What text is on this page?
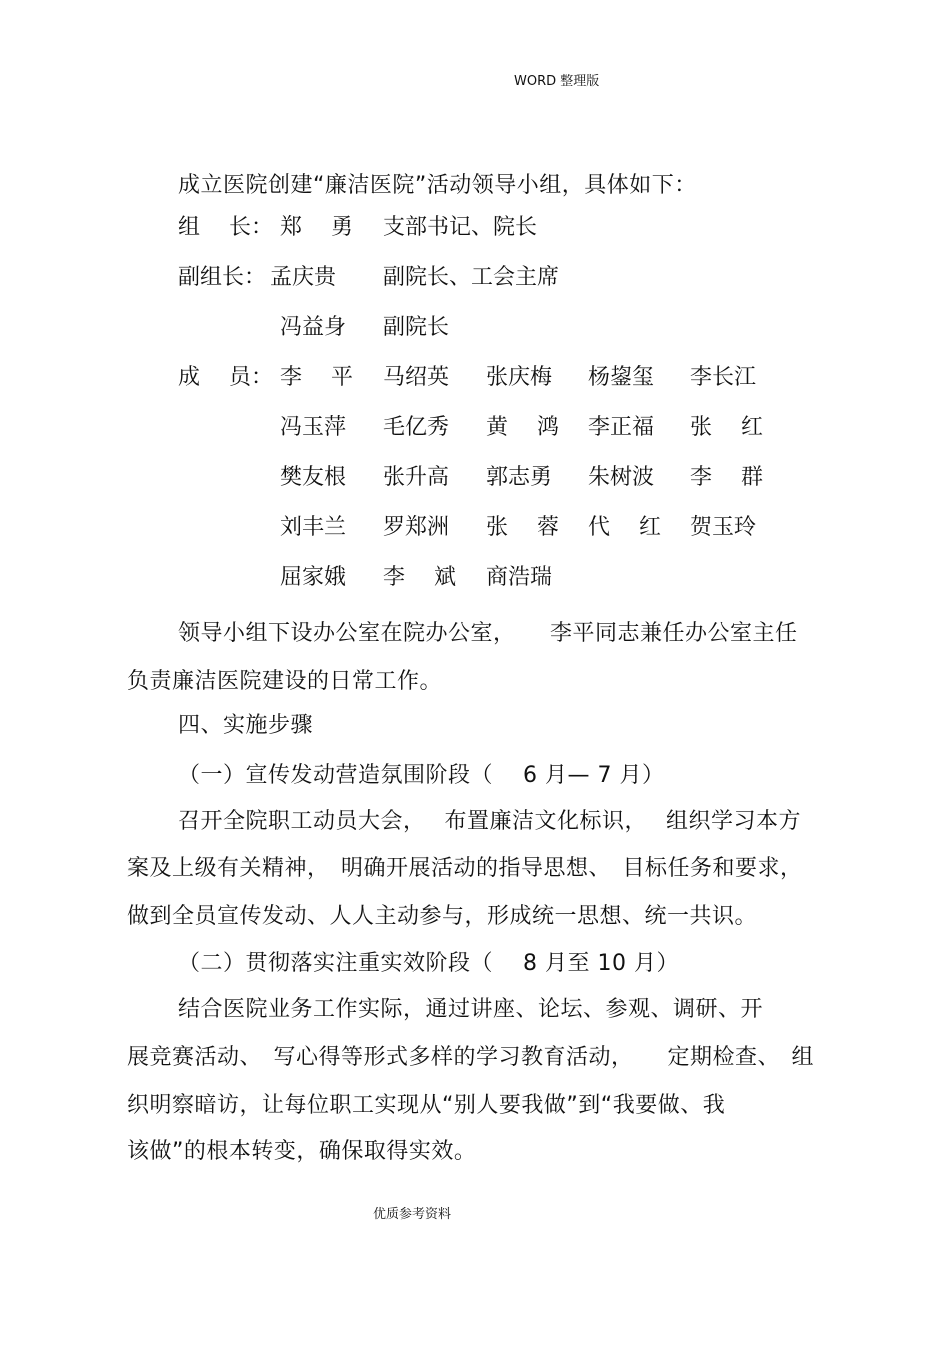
WORD 整理版
成立医院创建“廉洁医院”活动领导小组，具体如下：
组　 长： 郑　 勇 支部书记、院长
副组长： 孟庆贵 副院长、工会主席
冯益身 副院长
成　 员： 李　 平 马绍英 张庆梅 杨鋆玺 李长江
冯玉萍 毛亿秀 黄　 鸿 李正福 张　 红
樊友根 张升高 郭志勇 朱树波 李　 群
刘丰兰 罗郑洲 张　 蓉 代　 红 贺玉玲
屈家娥 李　 斌 商浩瑞
领导小组下设办公室在院办公室， 李平同志兼任办公室主任
负责廉洁医院建设的日常工作。
四、实施步骤
（一）宣传发动营造氛围阶段（　 6 月— 7 月）
召开全院职工动员大会，　 布置廉洁文化标识，　 组织学习本方
案及上级有关精神，　明确开展活动的指导思想、　目标任务和要求，
做到全员宣传发动、人人主动参与，形成统一思想、统一共识。
（二）贯彻落实注重实效阶段（　 8 月至 10 月）
结合医院业务工作实际，通过讲座、论坛、参观、调研、开
展竞赛活动、　写心得等形式多样的学习教育活动，　　定期检查、　组
织明察暗访，让每位职工实现从“别人要我做”到“我要做、我
该做”的根本转变，确保取得实效。
优质参考资料
